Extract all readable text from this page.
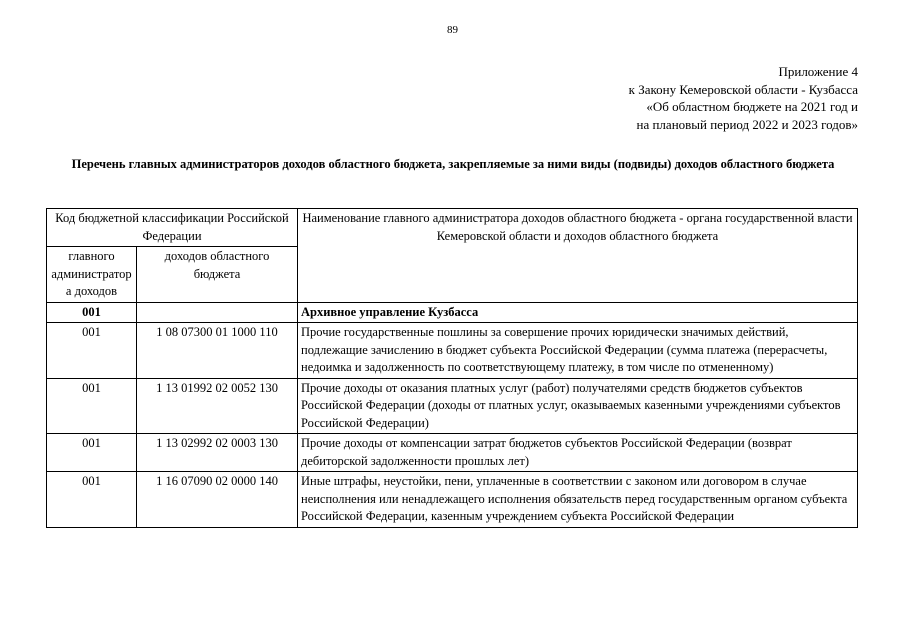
89
Приложение 4
к Закону Кемеровской области - Кузбасса
«Об областном бюджете на 2021 год и
на плановый период 2022 и 2023 годов»
Перечень главных администраторов доходов областного бюджета, закрепляемые за ними виды (подвиды) доходов областного бюджета
Код бюджетной классификации Российской Федерации		Наименование главного администратора доходов областного бюджета - органа государственной власти Кемеровской области и доходов областного бюджета
главного администратор а доходов	доходов областного бюджета	
001		Архивное управление Кузбасса
001	1 08 07300 01 1000 110	Прочие государственные пошлины за совершение прочих юридически значимых действий, подлежащие зачислению в бюджет субъекта Российской Федерации (сумма платежа (перерасчеты, недоимка и задолженность по соответствующему платежу, в том числе по отмененному)
001	1 13 01992 02 0052 130	Прочие доходы от оказания платных услуг (работ) получателями средств бюджетов субъектов Российской Федерации (доходы от платных услуг, оказываемых казенными учреждениями субъектов Российской Федерации)
001	1 13 02992 02 0003 130	Прочие доходы от компенсации затрат бюджетов субъектов Российской Федерации (возврат дебиторской задолженности прошлых лет)
001	1 16 07090 02 0000 140	Иные штрафы, неустойки, пени, уплаченные в соответствии с законом или договором в случае неисполнения или ненадлежащего исполнения обязательств перед государственным органом субъекта Российской Федерации, казенным учреждением субъекта Российской Федерации
